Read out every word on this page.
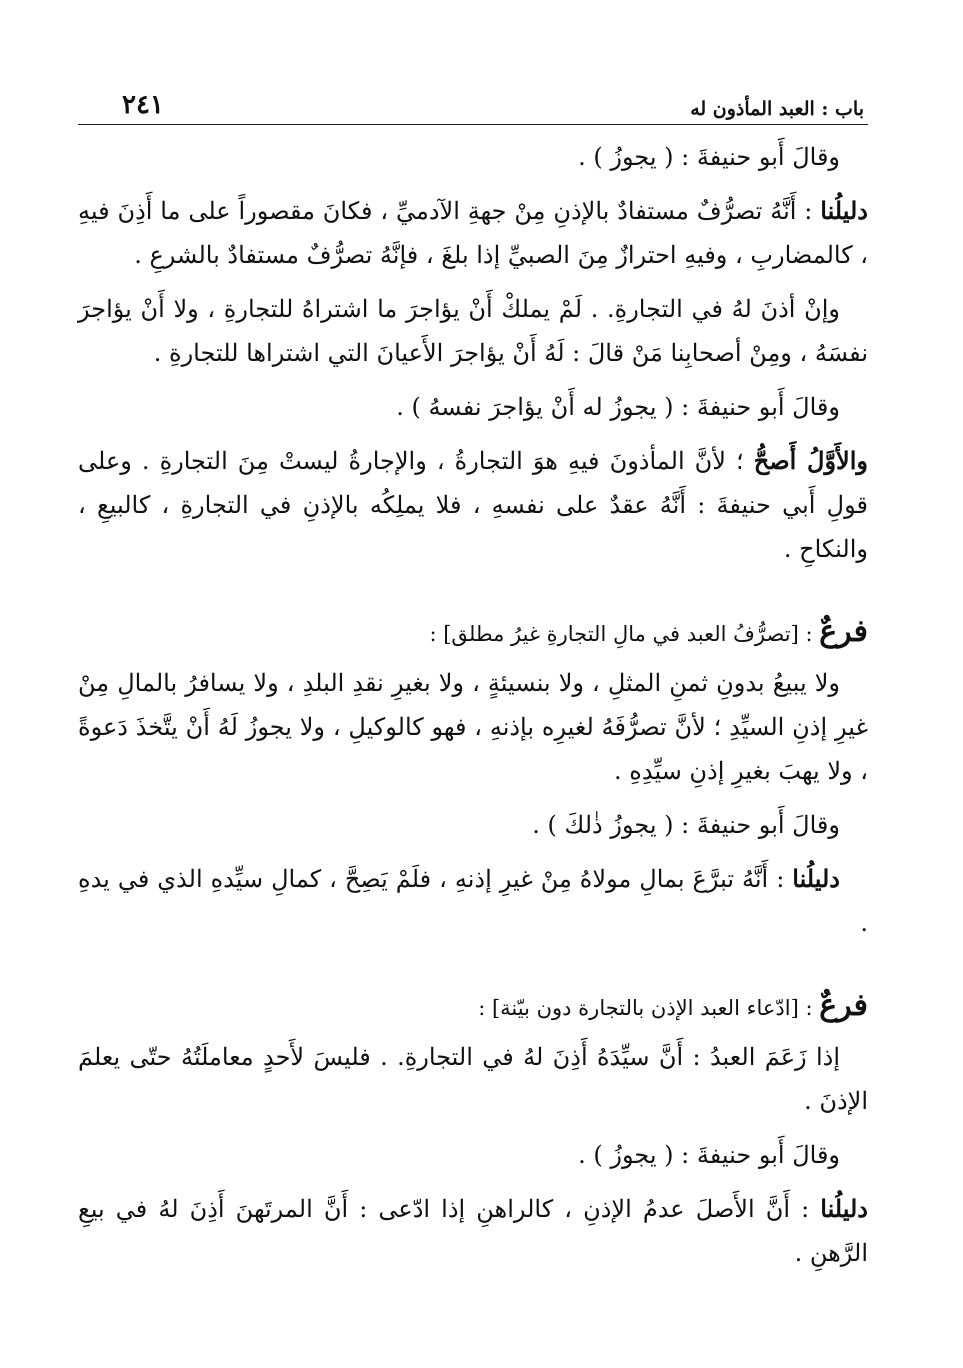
باب : العبد المأذون له
٢٤١

وقالَ أَبو حنيفةَ : ( يجوزُ ) .

دليلُنا : أَنَّهُ تصرُّفٌ مستفادٌ بالإذنِ مِنْ جهةِ الآدميِّ ، فكانَ مقصوراً على ما أَذِنَ فيهِ ، كالمضاربِ ، وفيهِ احترازٌ مِنَ الصبيِّ إذا بلغَ ، فإنَّهُ تصرُّفٌ مستفادٌ بالشرعِ .

وإنْ أذنَ لهُ في التجارةِ. . لَمْ يملكْ أَنْ يؤاجرَ ما اشتراهُ للتجارةِ ، ولا أَنْ يؤاجرَ نفسَهُ ، ومِنْ أصحابِنا مَنْ قالَ : لَهُ أَنْ يؤاجرَ الأَعيانَ التي اشتراها للتجارةِ .

وقالَ أَبو حنيفةَ : ( يجوزُ له أَنْ يؤاجرَ نفسهُ ) .

والأَوَّلُ أَصحُّ ؛ لأنَّ المأذونَ فيهِ هوَ التجارةُ ، والإجارةُ ليستْ مِنَ التجارةِ . وعلى قولِ أَبي حنيفةَ : أَنَّهُ عقدٌ على نفسهِ ، فلا يملِكُه بالإذنِ في التجارةِ ، كالبيعِ ، والنكاحِ .

فرعٌ : [تصرُّفُ العبد في مالِ التجارةِ غيرُ مطلق] :

ولا يبيعُ بدونِ ثمنِ المثلِ ، ولا بنسيئةٍ ، ولا بغيرِ نقدِ البلدِ ، ولا يسافرُ بالمالِ مِنْ غيرِ إذنِ السيِّدِ ؛ لأنَّ تصرُّفَهُ لغيرِه بإذنهِ ، فهو كالوكيلِ ، ولا يجوزُ لَهُ أَنْ يتَّخذَ دَعوةً ، ولا يهبَ بغيرِ إذنِ سيِّدِهِ .

وقالَ أَبو حنيفةَ : ( يجوزُ ذٰلكَ ) .

دليلُنا : أَنَّهُ تبرَّعَ بمالِ مولاهُ مِنْ غيرِ إذنهِ ، فلَمْ يَصِحَّ ، كمالِ سيِّدهِ الذي في يدهِ .

فرعٌ : [ادّعاء العبد الإذن بالتجارة دون بيّنة] :

إذا زَعَمَ العبدُ : أَنَّ سيِّدَهُ أَذِنَ لهُ في التجارةِ. . فليسَ لأَحدٍ معاملَتُهُ حتّى يعلمَ الإذنَ .

وقالَ أَبو حنيفةَ : ( يجوزُ ) .

دليلُنا : أَنَّ الأَصلَ عدمُ الإذنِ ، كالراهنِ إذا ادّعى : أَنَّ المرتَهنَ أَذِنَ لهُ في بيعِ الرَّهنِ .
